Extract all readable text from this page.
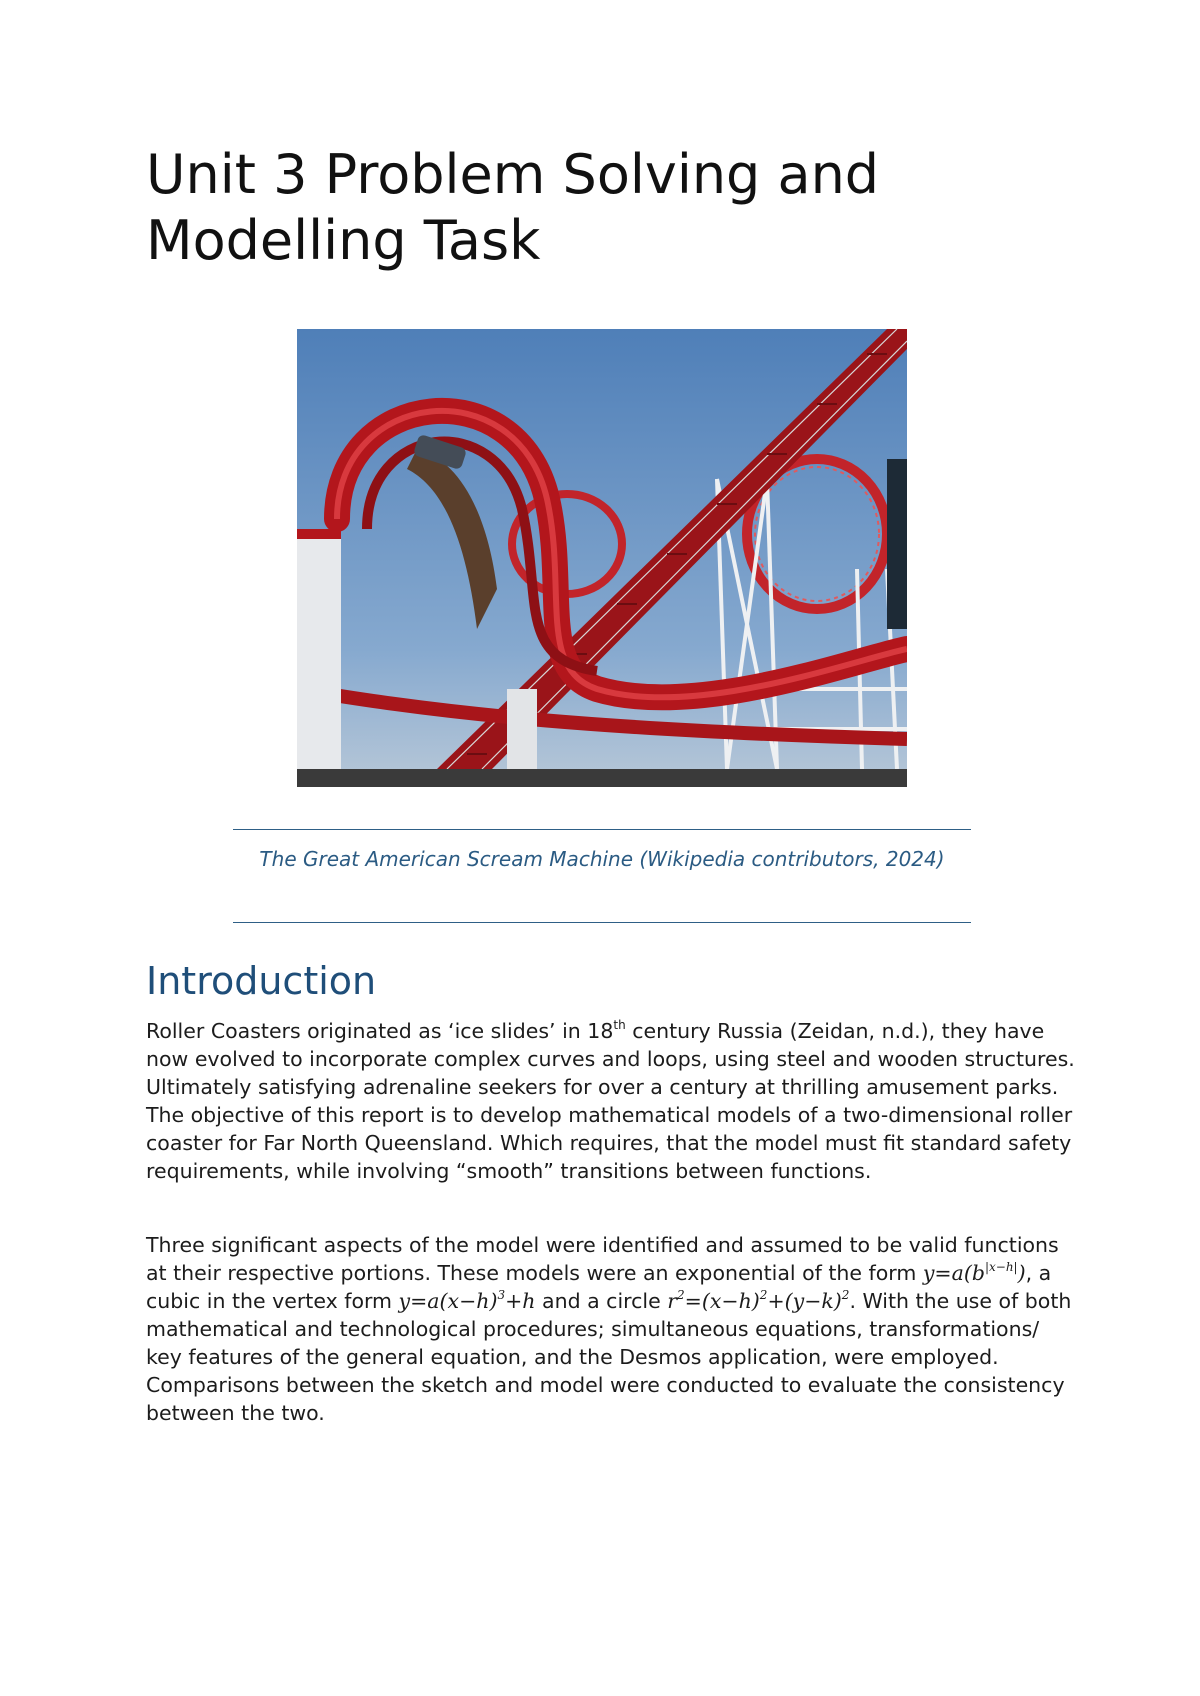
Unit 3 Problem Solving and Modelling Task

The Great American Scream Machine (Wikipedia contributors, 2024)

Introduction

Roller Coasters originated as ‘ice slides’ in 18th century Russia (Zeidan, n.d.), they have now evolved to incorporate complex curves and loops, using steel and wooden structures. Ultimately satisfying adrenaline seekers for over a century at thrilling amusement parks. The objective of this report is to develop mathematical models of a two-dimensional roller coaster for Far North Queensland. Which requires, that the model must fit standard safety requirements, while involving “smooth” transitions between functions.

Three significant aspects of the model were identified and assumed to be valid functions at their respective portions. These models were an exponential of the form $y=a(b^{|x-h|})$, a cubic in the vertex form $y=a(x-h)^3+h$ and a circle $r^2=(x-h)^2+(y-k)^2$. With the use of both mathematical and technological procedures; simultaneous equations, transformations/ key features of the general equation, and the Desmos application, were employed. Comparisons between the sketch and model were conducted to evaluate the consistency between the two.
